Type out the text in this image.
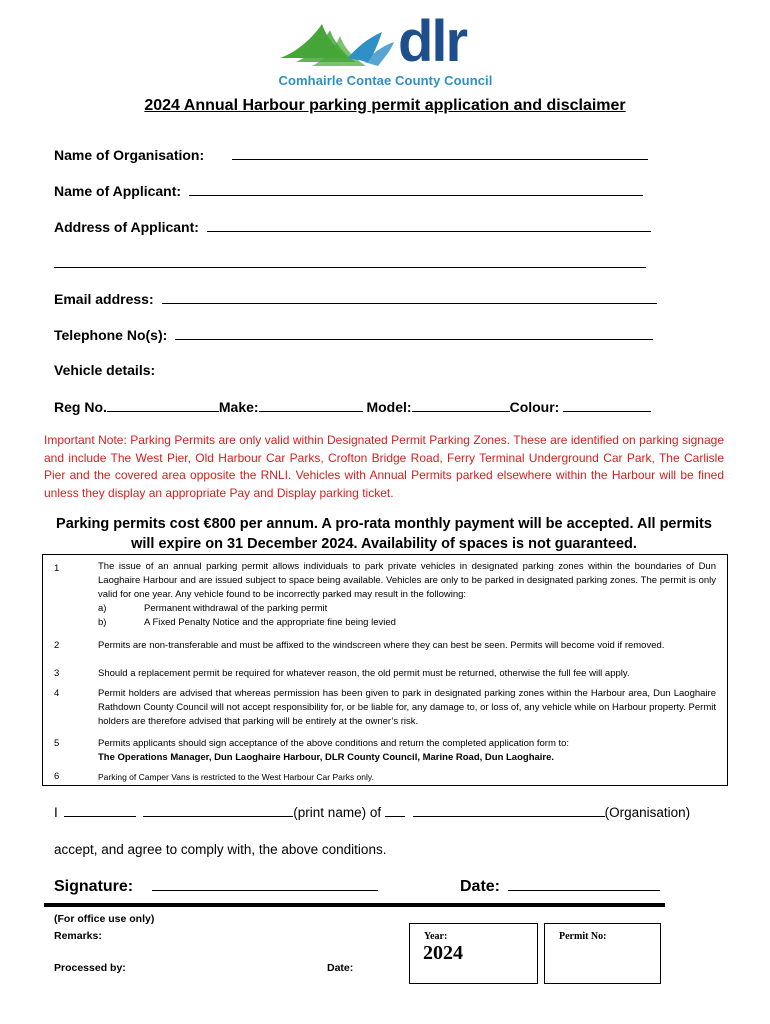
dlr
Comhairle Contae County Council
2024 Annual Harbour parking permit application and disclaimer
Name of Organisation:
Name of Applicant:
Address of Applicant:
Email address:
Telephone No(s):
Vehicle details:
Reg No.	Make:	Model:	Colour:
Important Note: Parking Permits are only valid within Designated Permit Parking Zones. These are identified on parking signage and include The West Pier, Old Harbour Car Parks, Crofton Bridge Road, Ferry Terminal Underground Car Park, The Carlisle Pier and the covered area opposite the RNLI. Vehicles with Annual Permits parked elsewhere within the Harbour will be fined unless they display an appropriate Pay and Display parking ticket.
Parking permits cost €800 per annum. A pro-rata monthly payment will be accepted. All permits
will expire on 31 December 2024. Availability of spaces is not guaranteed.
1	The issue of an annual parking permit allows individuals to park private vehicles in designated parking zones within the boundaries of Dun Laoghaire Harbour and are issued subject to space being available. Vehicles are only to be parked in designated parking zones. The permit is only valid for one year. Any vehicle found to be incorrectly parked may result in the following:
a)	Permanent withdrawal of the parking permit
b)	A Fixed Penalty Notice and the appropriate fine being levied
2	Permits are non-transferable and must be affixed to the windscreen where they can best be seen. Permits will become void if removed.
3	Should a replacement permit be required for whatever reason, the old permit must be returned, otherwise the full fee will apply.
4	Permit holders are advised that whereas permission has been given to park in designated parking zones within the Harbour area, Dun Laoghaire Rathdown County Council will not accept responsibility for, or be liable for, any damage to, or loss of, any vehicle while on Harbour property. Permit holders are therefore advised that parking will be entirely at the owner’s risk.
5	Permits applicants should sign acceptance of the above conditions and return the completed application form to:
The Operations Manager, Dun Laoghaire Harbour, DLR County Council, Marine Road, Dun Laoghaire.
6	Parking of Camper Vans is restricted to the West Harbour Car Parks only.
I	(print name) of	(Organisation)
accept, and agree to comply with, the above conditions.
Signature:	Date:
(For office use only)
Remarks:
Processed by:	Date:
Year:
2024
Permit No:
